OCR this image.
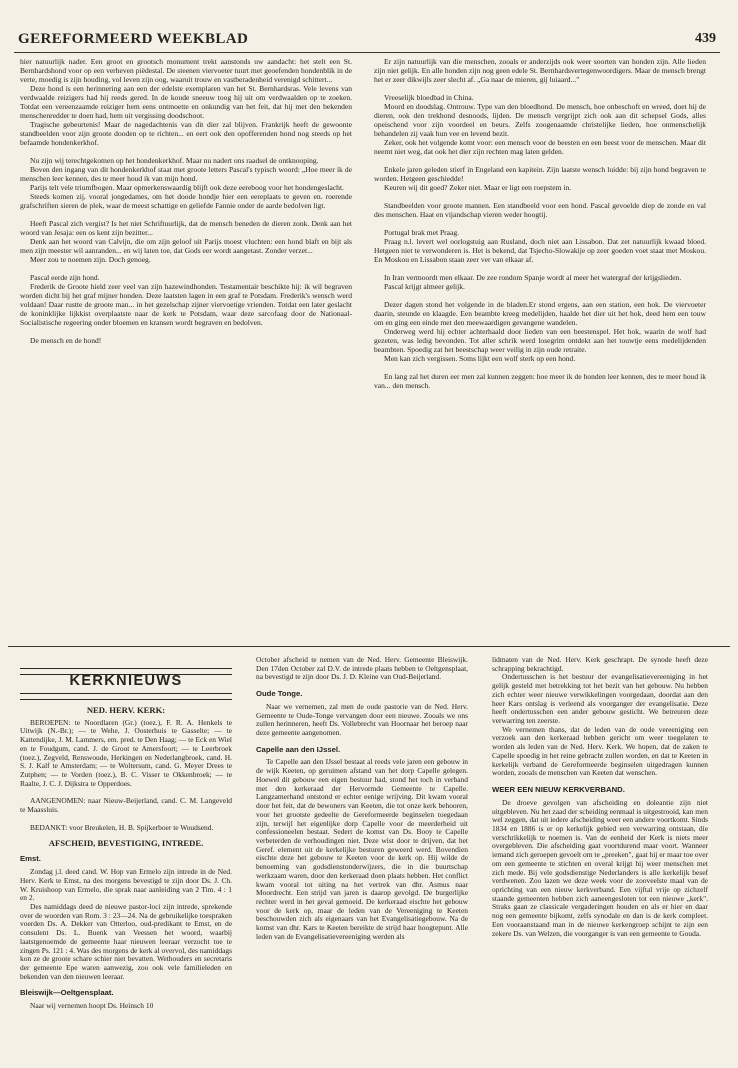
GEREFORMEERD WEEKBLAD	439

hier natuurlijk nader. Een groot en grootsch monument trekt aanstonds uw aandacht: het stelt een St. Bernhardshond voor op een verheven piëdestal. De steenen viervoeter tuurt met geoefenden hondenblik in de verte, moedig is zijn houding, vol leven zijn oog, waaruit trouw en vastberadenheid verenigd schittert...

Deze hond is een herinnering aan een der edelste exemplaren van het St. Bernhardsras. Vele levens van verdwaalde reizigers had hij reeds gered. In de koude sneeuw toog hij uit om verdwaalden op te zoeken. Totdat een vereenzaamde reiziger hem eens ontmoette en onkundig van het feit, dat hij met den bekenden menschenredder te doen had, hem uit vergissing doodschoot.

Tragische gebeurtenis! Maar de nagedachtenis van dit dier zal blijven. Frankrijk heeft de gewoonte standbeelden voor zijn groote dooden op te richten... en eert ook den opofferenden hond nog steeds op het befaamde hondenkerkhof.

Nu zijn wij terechtgekomen op het hondenkerkhof. Maar nu nadert ons raadsel de ontknooping.

Boven den ingang van dit hondenkerkhof staat met groote letters Pascal's typisch woord: „Hoe meer ik de menschen leer kennen, des te meer houd ik van mijn hond.

Parijs telt vele triumfbogen. Maar opmerkenswaardig blijft ook deze eereboog voor het hondengeslacht.

Steeds komen zij, vooral jongedames, om het doode hondje hier een eereplaats te geven en. roerende grafschriften sieren de plek, waar de meest schattige en geliefde Fannie onder de aarde bedolven ligt.

Heeft Pascal zich vergist? Is het niet Schriftuurlijk, dat de mensch beneden de dieren zonk. Denk aan het woord van Jesaja: een os kent zijn bezitter...

Denk aan het woord van Calvijn, die om zijn geloof uit Parijs moest vluchten: een hond blaft en bijt als men zijn meester wil aanranden... en wij laten toe, dat Gods eer wordt aangetast. Zonder verzet...

Meer zou te noemen zijn. Doch genoeg.

Pascal eerde zijn hond.

Frederik de Groote hield zeer veel van zijn hazewindhonden. Testamentair beschikte hij: ik wil begraven worden dicht bij het graf mijner honden. Deze laatsten lagen in een graf te Potsdam. Frederik's wensch werd voldaan! Daar rustte de groote man... in het gezelschap zijner viervoetige vrienden. Totdat een later geslacht de koninklijke lijkkist overplaatste naar de kerk te Potsdam, waar deze sarcofaag door de Nationaal-Socialistische regeering onder bloemen en kransen wordt begraven en bedolven.

De mensch en de hond!

Er zijn natuurlijk van die menschen, zooals er anderzijds ook weer soorten van honden zijn. Alle lieden zijn niet gelijk. En alle honden zijn nog geen edele St. Bernhardsvertegenwoordigers. Maar de mensch brengt het er zeer dikwijls zeer slecht af. „Ga naar de mieren, gij luiaard..."

Vreeselijk bloedbad in China.

Moord en doodslag. Ontrouw. Type van den bloedhond. De mensch, hoe onbeschoft en wreed, doet hij de dieren, ook den trekhond desnoods, lijden. De mensch vergrijpt zich ook aan dit schepsel Gods, alles opeischend voor zijn voordeel en beurs. Zelfs zoogenaamde christelijke lieden, hoe onmenschelijk behandelen zij vaak hun vee en levend bezit.

Zeker, ook het volgende komt voor: een mensch voor de beesten en een beest voor de menschen. Maar dit neemt niet weg, dat ook het dier zijn rechten mag laten gelden.

Enkele jaren geleden stierf in Engeland een kapitein. Zijn laatste wensch luidde: bij zijn hond begraven te worden. Hetgeen geschiedde!

Keuren wij dit goed? Zeker niet. Maar er ligt een roepstem in.

Standbeelden voor groote mannen. Een standbeeld voor een hond. Pascal gevoelde diep de zonde en val des menschen. Haat en vijandschap vieren weder hoogtij.

Portugal brak met Praag.

Praag n.l. levert wel oorlogstuig aan Rusland, doch niet aan Lissabon. Dat zet natuurlijk kwaad bloed. Hetgeen niet te verwonderen is. Het is bekend, dat Tsjecho-Slowakije op zeer goeden voet staat met Moskou. En Moskou en Lissabon staan zeer ver van elkaar af.

In Iran vermoordt men elkaar. De zee rondom Spanje wordt al meer het watergraf der krijgslieden.

Pascal krijgt almeer gelijk.

Dezer dagen stond het volgende in de bladen.Er stond ergens, aan een station, een hok. De viervoeter daarin, steunde en klaagde. Een beambte kreeg medelijden, haalde het dier uit het hok, deed hem een touw om en ging een einde met den meewaardigen gevangene wandelen.

Onderweg werd hij echter achterhaald door lieden van een beestenspel. Het hok, waarin de wolf had gezeten, was ledig bevonden. Tot aller schrik werd losegrim ontdekt aan het touwtje eens medelijdenden beambten. Spoedig zat het beestschap weer veilig in zijn oude retraite.

Men kan zich vergissen. Soms lijkt een wolf sterk op een hond.

En lang zal het duren eer men zal kunnen zeggen: hoe meer ik de honden leer kennen, des te meer houd ik van... den mensch.

KERKNIEUWS
NED. HERV. KERK:

BEROEPEN: te Noordlaren (Gr.) (toez.), F. R. A. Henkels te Uitwijk (N.-Br.); — te Wehe, J. Oosterhuis te Gasselte; — te Kattendijke, J. M. Lammers, em. pred. te Den Haag; — te Eck en Wiel en te Foudgum, cand. J. de Groot te Amersfoort; — te Leerbroek (toez.), Zegveld, Renswoude, Herkingen en Nederlangbroek, cand. H. S. J. Kalf te Amsterdam; — te Woltersum, cand. G. Meyer Drees te Zutphen; — te Vorden (toez.), B. C. Visser te Okkenbroek; — te Raalte, J. C. J. Dijkstra te Opperdoes.

AANGENOMEN: naar Nieuw-Beijerland, cand. C. M. Langeveld te Maassluis.

BEDANKT: voor Breukelen, H. B. Spijkerboer te Woudsend.

AFSCHEID, BEVESTIGING, INTREDE.
Emst.

Zondag j.l. deed cand. W. Hop van Ermelo zijn intrede in de Ned. Herv. Kerk te Emst, na des morgens bevestigd te zijn door Ds. J. Ch. W. Kruishoop van Ermelo, die sprak naar aanleiding van 2 Tim. 4 : 1 en 2.

Des namiddags deed de nieuwe pastor-loci zijn intrede, sprekende over de woorden van Rom. 3 : 23—24. Na de gebruikelijke toespraken voerden Ds. A. Dekker van Otterloo, oud-predikant te Emst, en de consulent Ds. L. Buenk van Veessen het woord, waarbij laatstgenoemde de gemeente haar nieuwen leeraar verzocht toe te zingen Ps. 121 : 4. Was des morgens de kerk al overvol, des namiddags kon ze de groote schare schier niet bevatten. Wethouders en secretaris der gemeente Epe waren aanwezig, zoo ook vele familieleden en bekenden van den nieuwen leeraar.

Bleiswijk—Oeltgensplaat.

Naar wij vernemen hoopt Ds. Heinsch 10

October afscheid te nemen van de Ned. Herv. Gemeente Bleiswijk. Den 17den October zal D.V. de intrede plaats hebben te Oeltgensplaat, na bevestigd te zijn door Ds. J. D. Kleine van Oud-Beijerland.

Oude Tonge.

Naar we vernemen, zal men de oude pastorie van de Ned. Herv. Gemeente te Oude-Tonge vervangen door een nieuwe. Zooals we ons zullen herinneren, heeft Ds. Vollebrecht van Hoornaar het beroep naar deze gemeente aangenomen.

Capelle aan den IJssel.

Te Capelle aan den IJssel bestaat al reeds vele jaren een gebouw in de wijk Keeten, op geruimen afstand van het dorp Capelle gelegen. Hoewel dit gebouw een eigen bestuur had, stond het toch in verband met den kerkeraad der Hervormde Gemeente te Capelle. Langzamerhand ontstond er echter eenige wrijving. Dit kwam vooral door het feit, dat de bewoners van Keeten, die tot onze kerk behooren, voor het grootste gedeelte de Gereformeerde beginselen toegedaan zijn, terwijl het eigenlijke dorp Capelle voor de meerderheid uit confessioneelen bestaat. Sedert de komst van Ds. Booy te Capelle verbeterden de verhoudingen niet. Deze wist door te drijven, dat het Geref. element uit de kerkelijke besturen geweerd werd. Bovendien eischte deze het gebouw te Keeten voor de kerk op. Hij wilde de benoeming van godsdienstonderwijzers, die in die buurtschap werkzaam waren, door den kerkeraad doen plaats hebben. Het conflict kwam vooral tot uiting na het vertrek van dhr. Asmus naar Moordrecht. Een strijd van jaren is daarop gevolgd. De burgerlijke rechter werd in het geval gemoeid. De kerkeraad eischte het gebouw voor de kerk op, maar de leden van de Vereeniging te Keeten beschouwden zich als eigenaars van het Evangelisatiegebouw. Na de komst van dhr. Kars te Keeten bereikte de strijd haar hoogtepunt. Alle leden van de Evangelisatievereeniging werden als

lidmaten van de Ned. Herv. Kerk geschrapt. De synode heeft deze schrapping bekrachtigd.

Ondertusschen is het bestuur der evangelisatievereeniging in het gelijk gesteld met betrekking tot het bezit van het gebouw. Nu hebben zich echter weer nieuwe verwikkelingen voorgedaan, doordat aan den heer Kars ontslag is verleend als voorganger der evangelisatie. Deze heeft ondertusschen een ander gebouw gesticht. We betreuren deze verwarring ten zeerste.

We vernemen thans, dat de leden van de oude vereeniging een verzoek aan den kerkeraad hebben gericht om weer toegelaten te worden als leden van de Ned. Herv. Kerk. We hopen, dat de zaken te Capelle spoedig in het reine gebracht zullen worden, en dat te Keeten in kerkelijk verband de Gereformeerde beginselen uitgedragen kunnen worden, zooals de menschen van Keeten dat wenschen.

WEER EEN NIEUW KERKVERBAND.

De droeve gevolgen van afscheiding en doleantie zijn niet uitgebleven. Nu het zaad der scheiding eenmaal is uitgestrooid, kan men wel zeggen, dat uit iedere afscheiding weer een andere voortkomt. Sinds 1834 en 1886 is er op kerkelijk gebied een verwarring ontstaan, die verschrikkelijk te noemen is. Van de eenheid der Kerk is niets meer overgebleven. Die afscheiding gaat voortdurend maar voort. Wanneer iemand zich geroepen gevoelt om te „preeken", gaat hij er maar toe over om een gemeente te stichten en overal krijgt hij weer menschen met zich mede. Bij vele godsdienstige Nederlanders is alle kerkelijk besef verdwenen. Zoo lazen we deze week voor de zooveelste maal van de oprichting van een nieuw kerkverband. Een vijftal vrije op zichzelf staande gemeenten hebben zich aaneengesloten tot een nieuwe „kerk". Straks gaan ze classicale vergaderingen houden en als er hier en daar nog een gemeente bijkomt, zelfs synodale en dan is de kerk compleet. Een vooraanstaand man in de nieuwe kerkengroep schijnt te zijn een zekere Ds. van Welzen, die voorganger is van een gemeente te Gouda.
